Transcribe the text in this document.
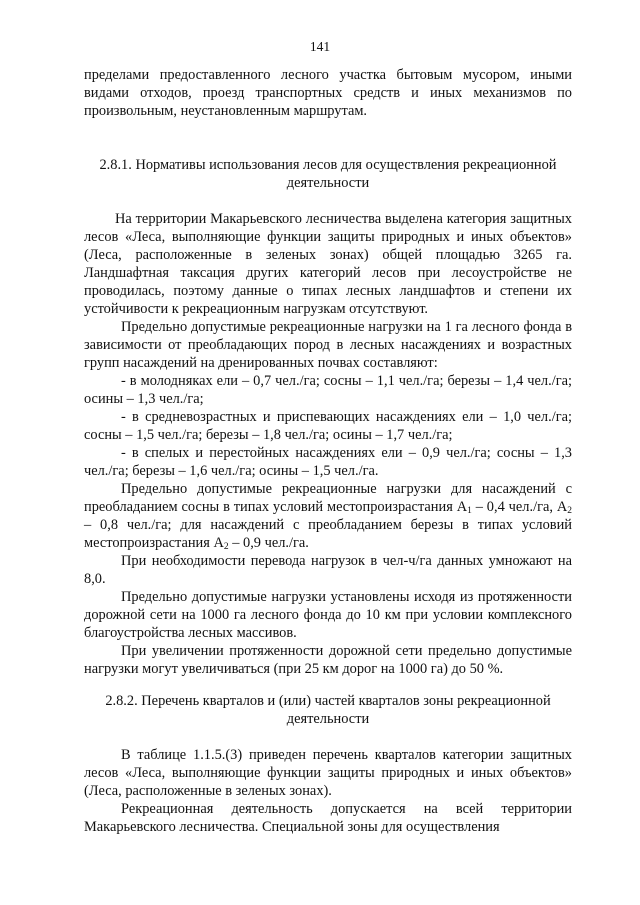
141

пределами предоставленного лесного участка бытовым мусором, иными видами отходов, проезд транспортных средств и иных механизмов по произвольным, неустановленным маршрутам.

2.8.1. Нормативы использования лесов для осуществления рекреационной деятельности

На территории Макарьевского лесничества выделена категория защитных лесов «Леса, выполняющие функции защиты природных и иных объектов» (Леса, расположенные в зеленых зонах) общей площадью 3265 га. Ландшафтная таксация других категорий лесов при лесоустройстве не проводилась, поэтому данные о типах лесных ландшафтов и степени их устойчивости к рекреационным нагрузкам отсутствуют.

Предельно допустимые рекреационные нагрузки на 1 га лесного фонда в зависимости от преобладающих пород в лесных насаждениях и возрастных групп насаждений на дренированных почвах составляют:

- в молодняках ели – 0,7 чел./га; сосны – 1,1 чел./га; березы – 1,4 чел./га; осины – 1,3 чел./га;

- в средневозрастных и приспевающих насаждениях ели – 1,0 чел./га; сосны – 1,5 чел./га; березы – 1,8 чел./га; осины – 1,7 чел./га;

- в спелых и перестойных насаждениях ели – 0,9 чел./га; сосны – 1,3 чел./га; березы – 1,6 чел./га; осины – 1,5 чел./га.

Предельно допустимые рекреационные нагрузки для насаждений с преобладанием сосны в типах условий местопроизрастания $А_1 - 0,4$ чел./га, $А_2 - 0,8$ чел./га; для насаждений с преобладанием березы в типах условий местопроизрастания $А_2 - 0,9$ чел./га.

При необходимости перевода нагрузок в чел-ч/га данных умножают на 8,0.

Предельно допустимые нагрузки установлены исходя из протяженности дорожной сети на 1000 га лесного фонда до 10 км при условии комплексного благоустройства лесных массивов.

При увеличении протяженности дорожной сети предельно допустимые нагрузки могут увеличиваться (при 25 км дорог на 1000 га) до 50 %.

2.8.2. Перечень кварталов и (или) частей кварталов зоны рекреационной деятельности

В таблице 1.1.5.(3) приведен перечень кварталов категории защитных лесов «Леса, выполняющие функции защиты природных и иных объектов» (Леса, расположенные в зеленых зонах).

Рекреационная деятельность допускается на всей территории Макарьевского лесничества. Специальной зоны для осуществления
